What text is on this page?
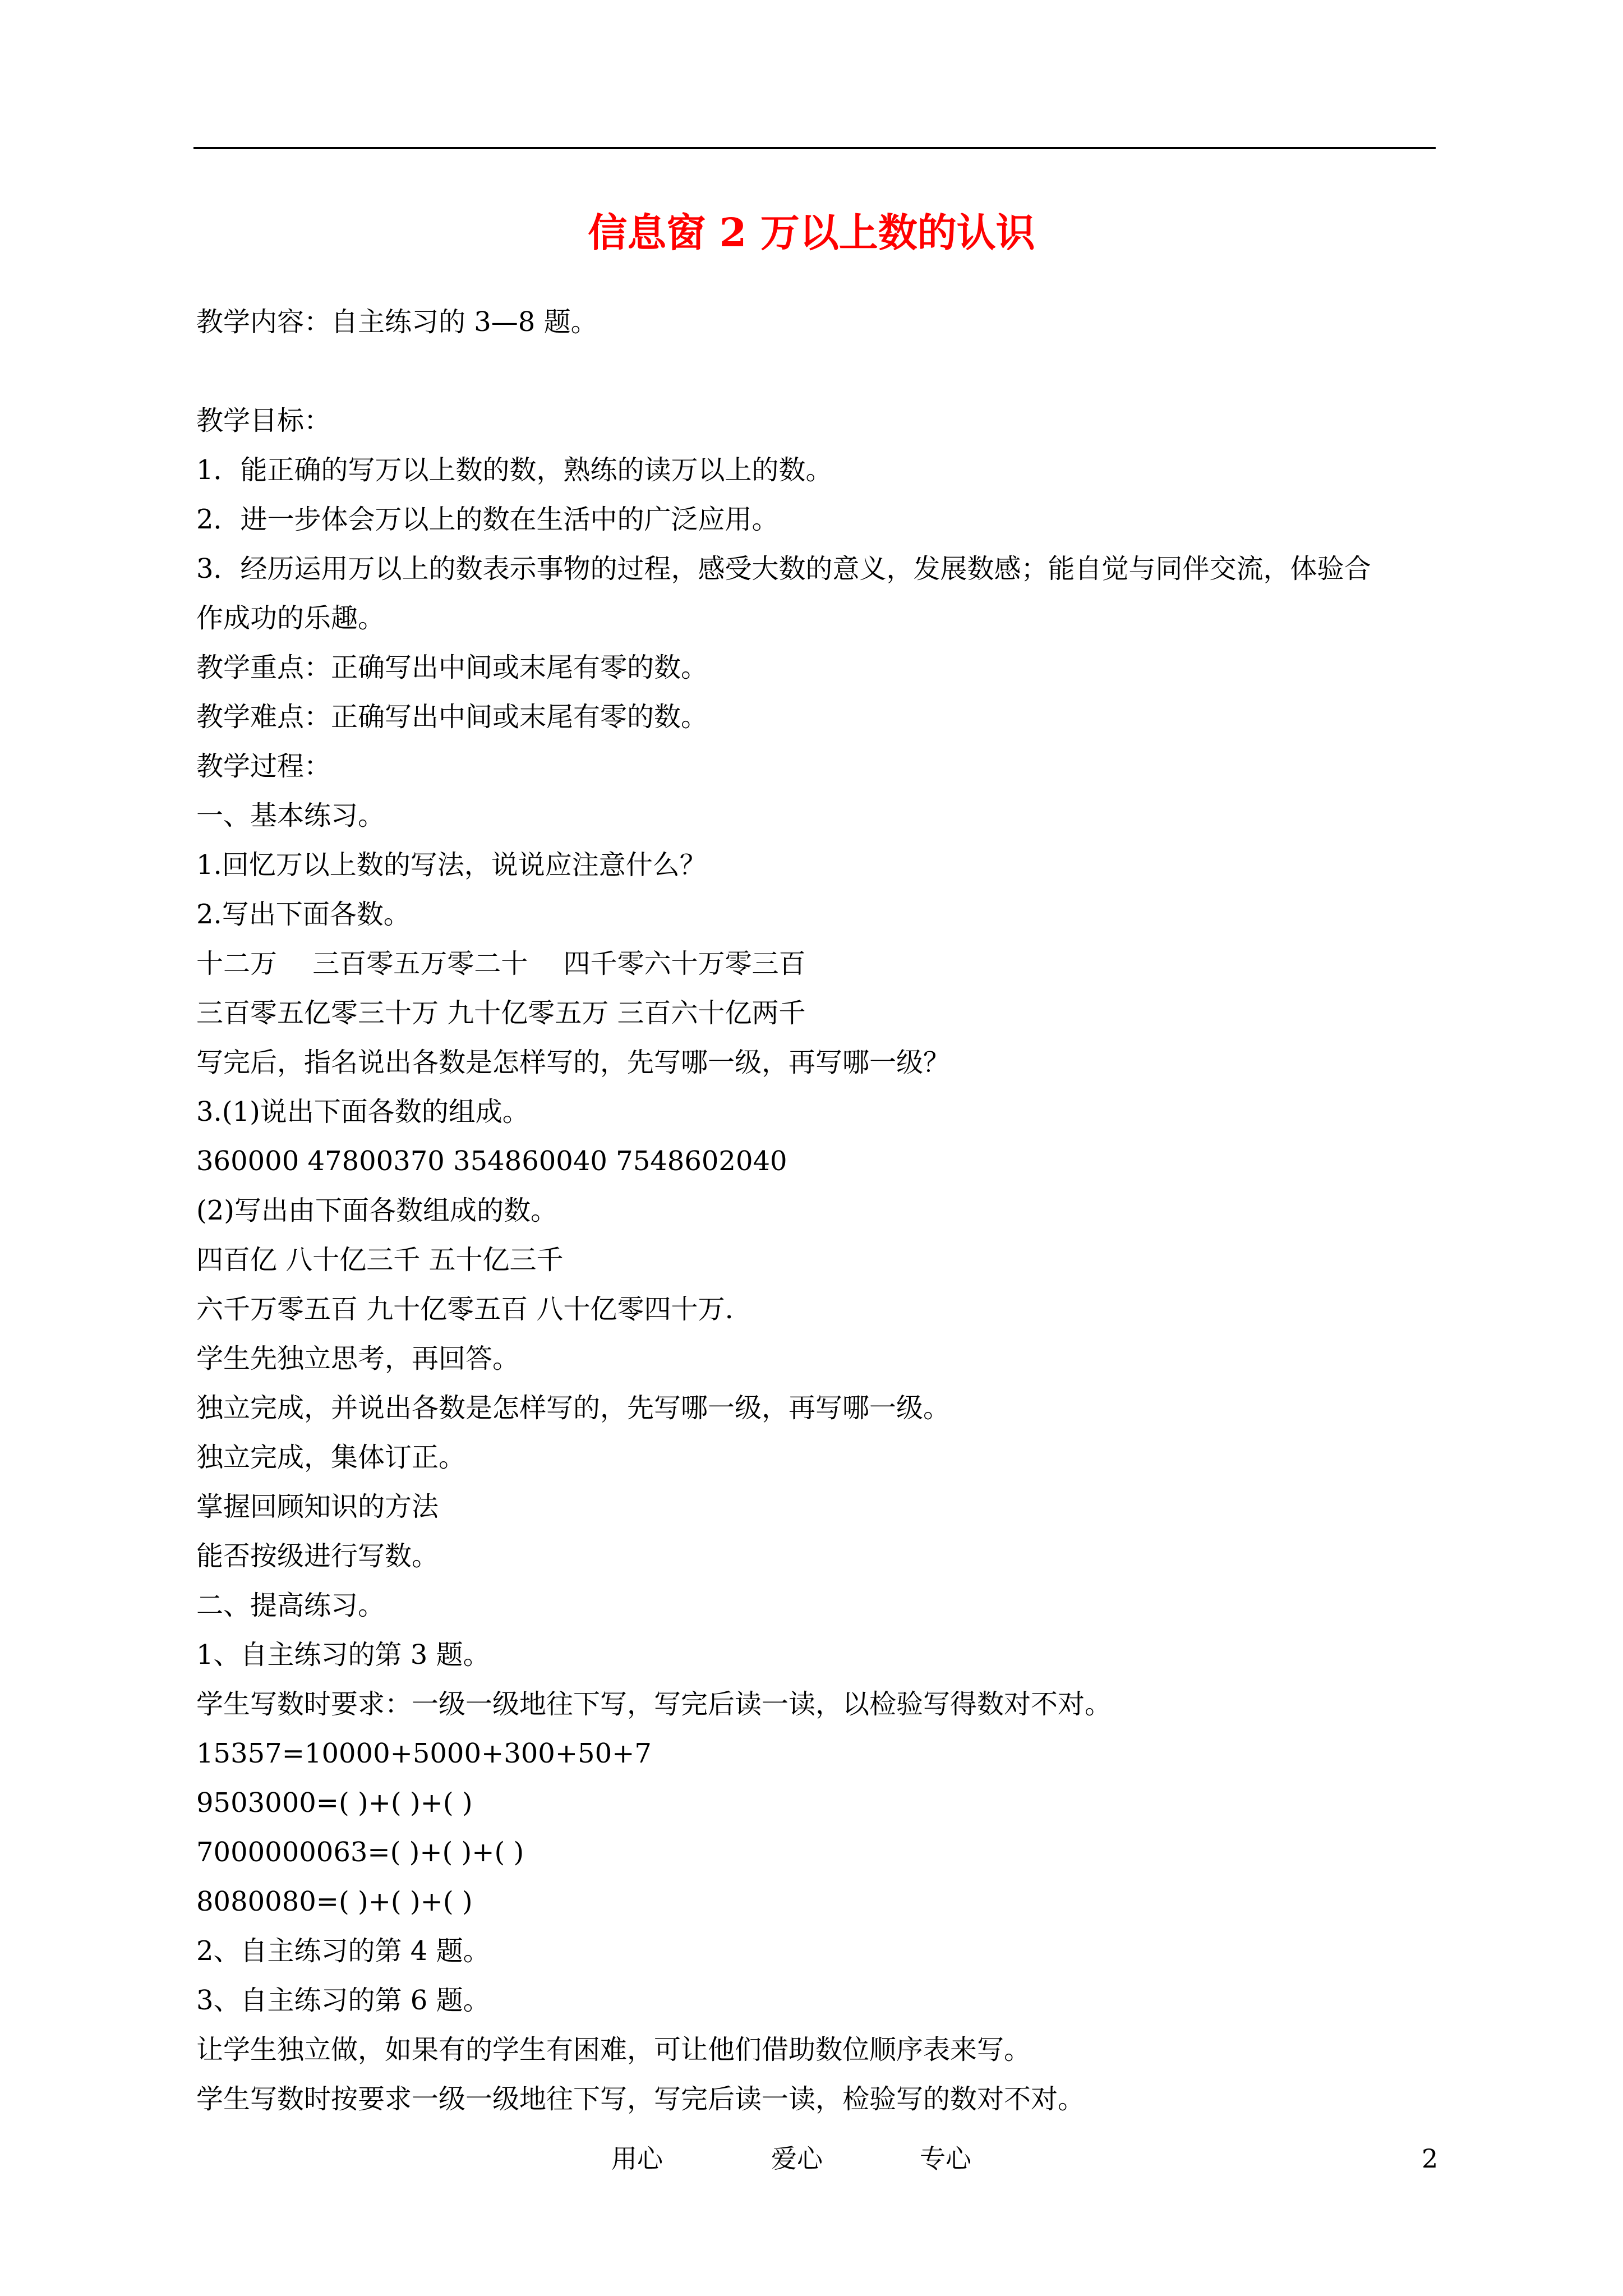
信息窗 2 万以上数的认识
教学内容：自主练习的 3—8 题。
教学目标：
1．能正确的写万以上数的数，熟练的读万以上的数。
2．进一步体会万以上的数在生活中的广泛应用。
3．经历运用万以上的数表示事物的过程，感受大数的意义，发展数感；能自觉与同伴交流，体验合
作成功的乐趣。
教学重点：正确写出中间或末尾有零的数。
教学难点：正确写出中间或末尾有零的数。
教学过程：
一、基本练习。
1.回忆万以上数的写法，说说应注意什么？
2.写出下面各数。
十二万　 三百零五万零二十　 四千零六十万零三百
三百零五亿零三十万 九十亿零五万 三百六十亿两千
写完后，指名说出各数是怎样写的，先写哪一级，再写哪一级？
3.(1)说出下面各数的组成。
360000 47800370 354860040 7548602040
(2)写出由下面各数组成的数。
四百亿 八十亿三千 五十亿三千
六千万零五百 九十亿零五百 八十亿零四十万.
学生先独立思考，再回答。
独立完成，并说出各数是怎样写的，先写哪一级，再写哪一级。
独立完成，集体订正。
掌握回顾知识的方法
能否按级进行写数。
二、提高练习。
1、自主练习的第 3 题。
学生写数时要求：一级一级地往下写，写完后读一读，以检验写得数对不对。
15357=10000+5000+300+50+7
9503000=( )+( )+( )
7000000063=( )+( )+( )
8080080=( )+( )+( )
2、自主练习的第 4 题。
3、自主练习的第 6 题。
让学生独立做，如果有的学生有困难，可让他们借助数位顺序表来写。
学生写数时按要求一级一级地往下写，写完后读一读，检验写的数对不对。
用心	爱心	专心	2
